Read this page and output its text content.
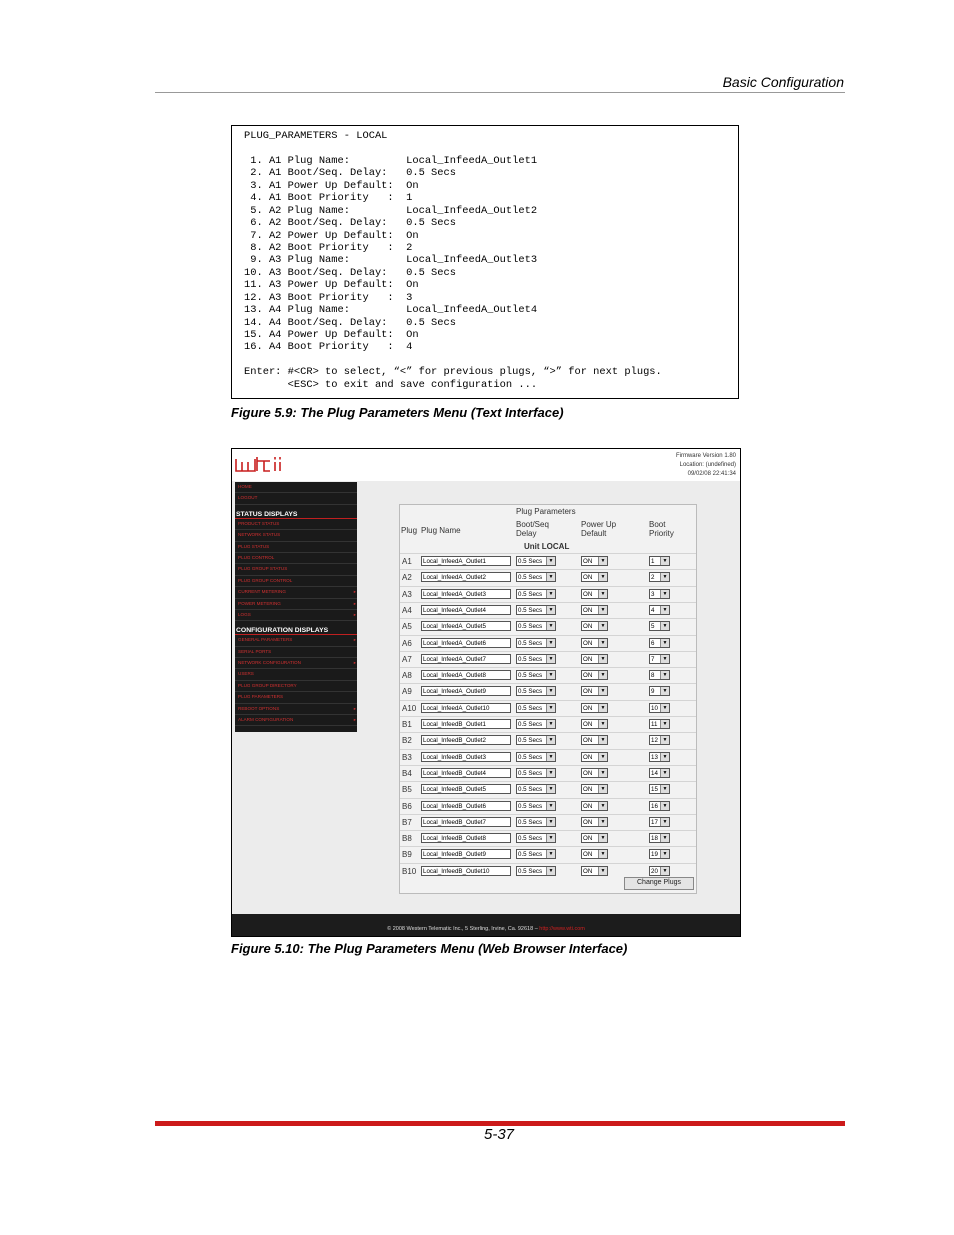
Basic Configuration
PLUG_PARAMETERS - LOCAL
1. A1 Plug Name:         Local_InfeedA_Outlet1
2. A1 Boot/Seq. Delay:   0.5 Secs
3. A1 Power Up Default:  On
4. A1 Boot Priority   :  1
5. A2 Plug Name:         Local_InfeedA_Outlet2
6. A2 Boot/Seq. Delay:   0.5 Secs
7. A2 Power Up Default:  On
8. A2 Boot Priority   :  2
9. A3 Plug Name:         Local_InfeedA_Outlet3
10. A3 Boot/Seq. Delay:   0.5 Secs
11. A3 Power Up Default:  On
12. A3 Boot Priority   :  3
13. A4 Plug Name:         Local_InfeedA_Outlet4
14. A4 Boot/Seq. Delay:   0.5 Secs
15. A4 Power Up Default:  On
16. A4 Boot Priority   :  4
Enter: #<CR> to select, “<” for previous plugs, “>” for next plugs.
<ESC> to exit and save configuration ...
Figure 5.9: The Plug Parameters Menu (Text Interface)
Firmware Version 1.80
Location: (undefined)
09/02/08 22:41:34
HOME
LOGOUT
STATUS DISPLAYS
PRODUCT STATUS
NETWORK STATUS
PLUG STATUS
PLUG CONTROL
PLUG GROUP STATUS
PLUG GROUP CONTROL
CURRENT METERING	▸
POWER METERING	▸
LOGS	▸
CONFIGURATION DISPLAYS
GENERAL PARAMETERS	▸
SERIAL PORTS
NETWORK CONFIGURATION	▸
USERS
PLUG GROUP DIRECTORY
PLUG PARAMETERS
REBOOT OPTIONS	▸
ALARM CONFIGURATION	▸
Plug Parameters
Plug Plug Name
Boot/Seq
Delay
Power Up
Default
Boot
Priority
Unit LOCAL
A1	Local_InfeedA_Outlet1	0.5 Secs	▼	ON	▼	1	▼
A2	Local_InfeedA_Outlet2	0.5 Secs	▼	ON	▼	2	▼
A3	Local_InfeedA_Outlet3	0.5 Secs	▼	ON	▼	3	▼
A4	Local_InfeedA_Outlet4	0.5 Secs	▼	ON	▼	4	▼
A5	Local_InfeedA_Outlet5	0.5 Secs	▼	ON	▼	5	▼
A6	Local_InfeedA_Outlet6	0.5 Secs	▼	ON	▼	6	▼
A7	Local_InfeedA_Outlet7	0.5 Secs	▼	ON	▼	7	▼
A8	Local_InfeedA_Outlet8	0.5 Secs	▼	ON	▼	8	▼
A9	Local_InfeedA_Outlet9	0.5 Secs	▼	ON	▼	9	▼
A10	Local_InfeedA_Outlet10	0.5 Secs	▼	ON	▼	10 ▼
B1	Local_InfeedB_Outlet1	0.5 Secs	▼	ON	▼	11	▼
B2	Local_InfeedB_Outlet2	0.5 Secs	▼	ON	▼	12 ▼
B3	Local_InfeedB_Outlet3	0.5 Secs	▼	ON	▼	13 ▼
B4	Local_InfeedB_Outlet4	0.5 Secs	▼	ON	▼	14 ▼
B5	Local_InfeedB_Outlet5	0.5 Secs	▼	ON	▼	15 ▼
B6	Local_InfeedB_Outlet6	0.5 Secs	▼	ON	▼	16 ▼
B7	Local_InfeedB_Outlet7	0.5 Secs	▼	ON	▼	17 ▼
B8	Local_InfeedB_Outlet8	0.5 Secs	▼	ON	▼	18 ▼
B9	Local_InfeedB_Outlet9	0.5 Secs	▼	ON	▼	19 ▼
B10	Local_InfeedB_Outlet10	0.5 Secs	▼	ON	▼	20 ▼
Change Plugs
© 2008 Western Telematic Inc., 5 Sterling, Irvine, Ca. 92618 – http://www.wti.com
Figure 5.10: The Plug Parameters Menu (Web Browser Interface)
5-37
